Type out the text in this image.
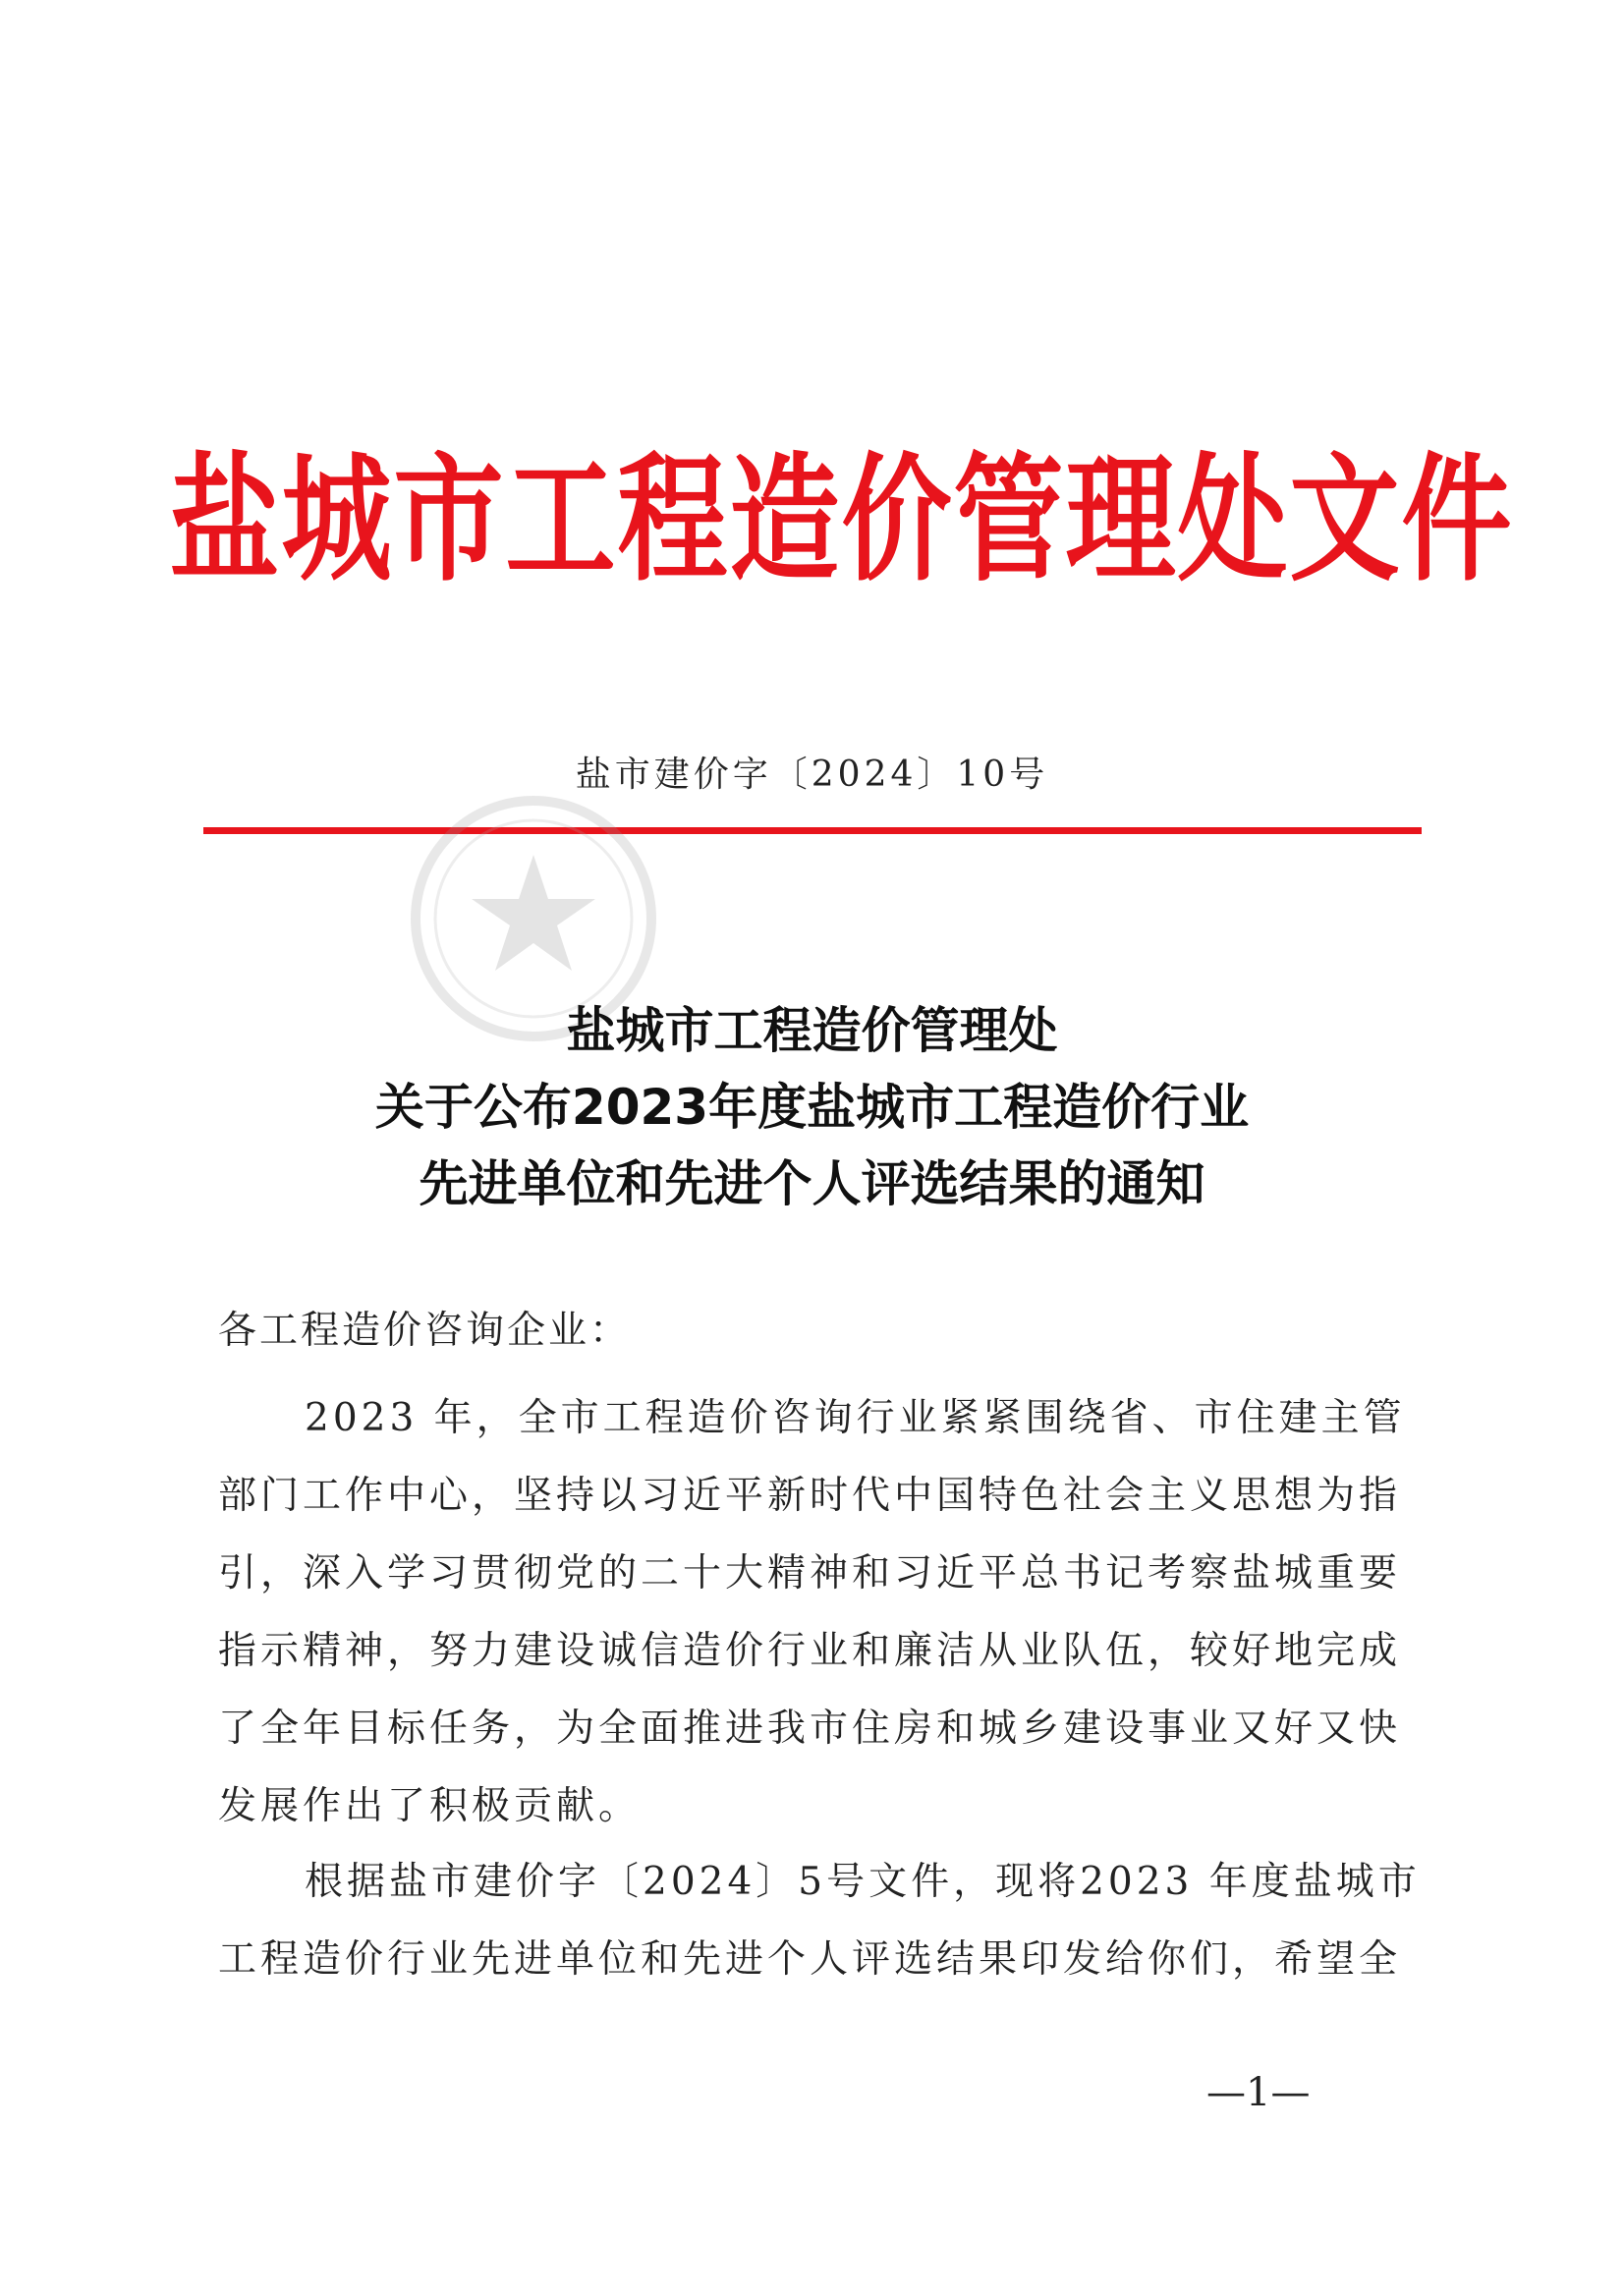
盐城市工程造价管理处文件
盐市建价字〔2024〕10号
盐城市工程造价管理处
关于公布2023年度盐城市工程造价行业
先进单位和先进个人评选结果的通知
各工程造价咨询企业：
2023 年，全市工程造价咨询行业紧紧围绕省、市住建主管
部门工作中心，坚持以习近平新时代中国特色社会主义思想为指
引，深入学习贯彻党的二十大精神和习近平总书记考察盐城重要
指示精神，努力建设诚信造价行业和廉洁从业队伍，较好地完成
了全年目标任务，为全面推进我市住房和城乡建设事业又好又快
发展作出了积极贡献。
根据盐市建价字〔2024〕5号文件，现将2023 年度盐城市
工程造价行业先进单位和先进个人评选结果印发给你们，希望全
—1—
